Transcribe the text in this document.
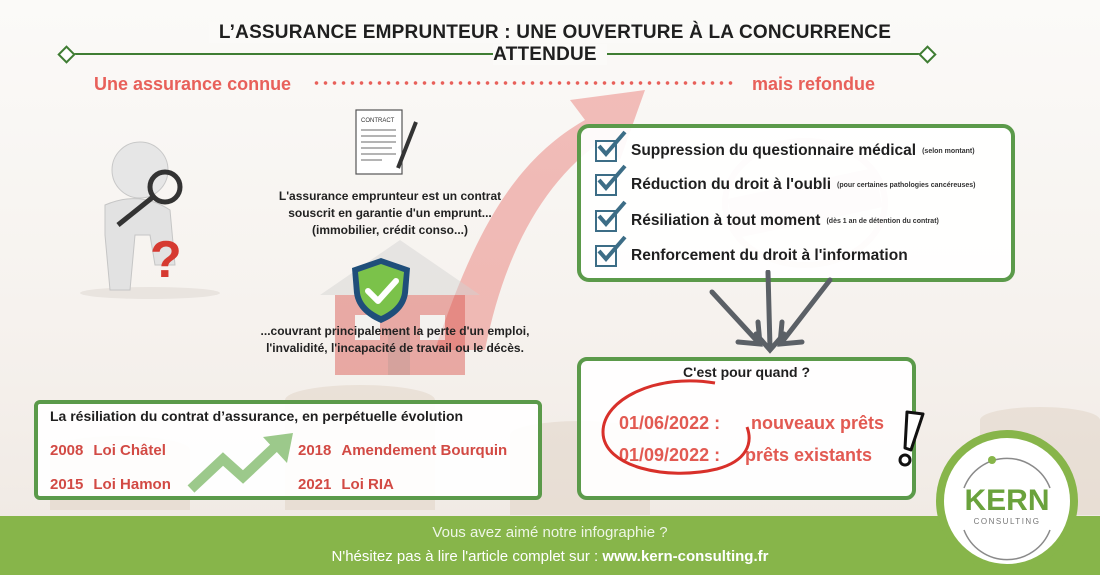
L’ASSURANCE EMPRUNTEUR : UNE OUVERTURE À LA CONCURRENCE ATTENDUE
Une assurance connue	mais refondue
?
CONTRACT
L'assurance emprunteur est un contrat souscrit en garantie d'un emprunt... (immobilier, crédit conso...)
...couvrant principalement la perte d'un emploi, l'invalidité, l'incapacité de travail ou le décès.
Suppression du questionnaire médical (selon montant)
Réduction du droit à l'oubli (pour certaines pathologies cancéreuses)
Résiliation à tout moment (dès 1 an de détention du contrat)
Renforcement du droit à l'information
C'est pour quand ?
01/06/2022 : nouveaux prêts
01/09/2022 : prêts existants
La résiliation du contrat d’assurance, en perpétuelle évolution
2008 Loi Châtel
2015 Loi Hamon
2018 Amendement Bourquin
2021 Loi RIA
Vous avez aimé notre infographie ?
N'hésitez pas à lire l'article complet sur : www.kern-consulting.fr
KERN
CONSULTING
